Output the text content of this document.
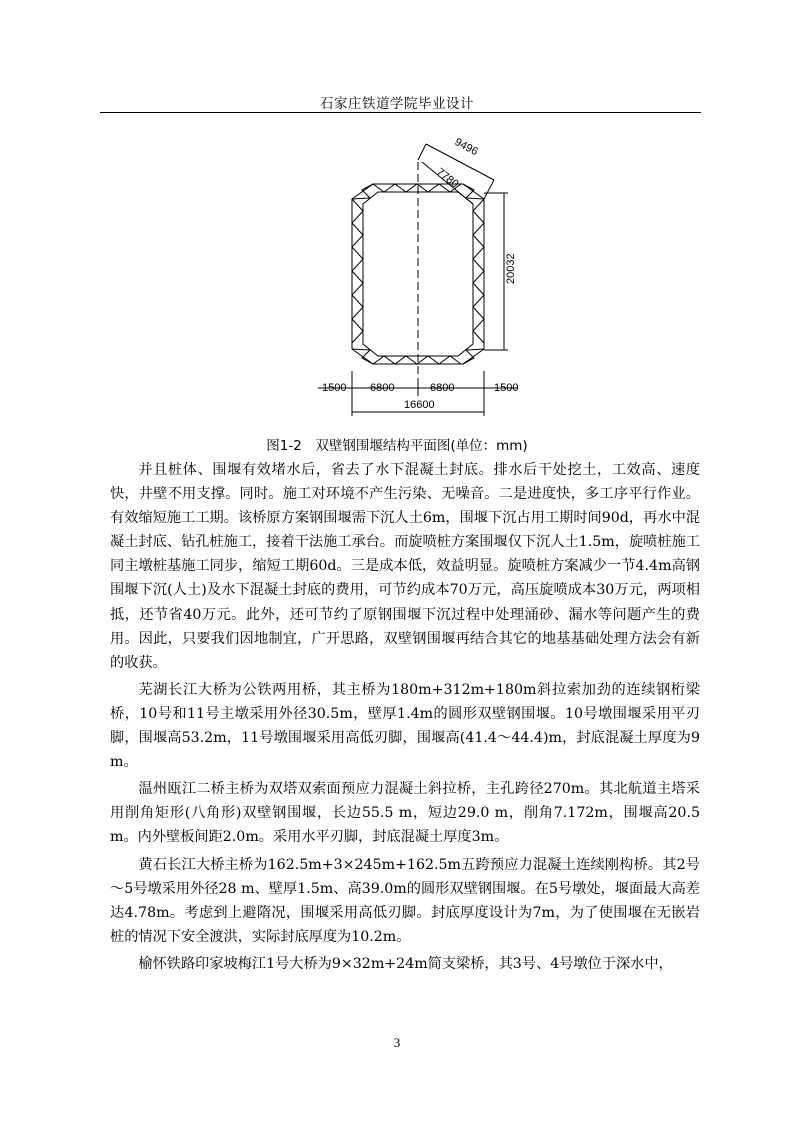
石家庄铁道学院毕业设计
9496
7780
20032
1500 6800	6800	1500
16600
图1-2　双壁钢围堰结构平面图(单位：mm)

并且桩体、围堰有效堵水后，省去了水下混凝土封底。排水后干处挖土，工效高、速度快，井壁不用支撑。同时。施工对环境不产生污染、无噪音。二是进度快，多工序平行作业。有效缩短施工工期。该桥原方案钢围堰需下沉人土6m，围堰下沉占用工期时间90d，再水中混凝土封底、钻孔桩施工，接着干法施工承台。而旋喷桩方案围堰仅下沉人土1.5m，旋喷桩施工同主墩桩基施工同步，缩短工期60d。三是成本低，效益明显。旋喷桩方案减少一节4.4m高钢围堰下沉(人土)及水下混凝土封底的费用，可节约成本70万元，高压旋喷成本30万元，两项相抵，还节省40万元。此外，还可节约了原钢围堰下沉过程中处理涌砂、漏水等问题产生的费用。因此，只要我们因地制宜，广开思路，双壁钢围堰再结合其它的地基基础处理方法会有新的收获。

芜湖长江大桥为公铁两用桥，其主桥为180m+312m+180m斜拉索加劲的连续钢桁梁桥，10号和11号主墩采用外径30.5m，壁厚1.4m的圆形双壁钢围堰。10号墩围堰采用平刃脚，围堰高53.2m，11号墩围堰采用高低刃脚，围堰高(41.4～44.4)m，封底混凝土厚度为9m。

温州瓯江二桥主桥为双塔双索面预应力混凝土斜拉桥，主孔跨径270m。其北航道主塔采用削角矩形(八角形)双壁钢围堰，长边55.5 m，短边29.0 m，削角7.172m，围堰高20.5m。内外壁板间距2.0m。采用水平刃脚，封底混凝土厚度3m。

黄石长江大桥主桥为162.5m+3×245m+162.5m五跨预应力混凝土连续刚构桥。其2号～5号墩采用外径28 m、壁厚1.5m、高39.0m的圆形双壁钢围堰。在5号墩处，堰面最大高差达4.78m。考虑到上避隋况，围堰采用高低刃脚。封底厚度设计为7m，为了使围堰在无嵌岩桩的情况下安全渡洪，实际封底厚度为10.2m。

榆怀铁路印家坡梅江1号大桥为9×32m+24m简支梁桥，其3号、4号墩位于深水中，

3
